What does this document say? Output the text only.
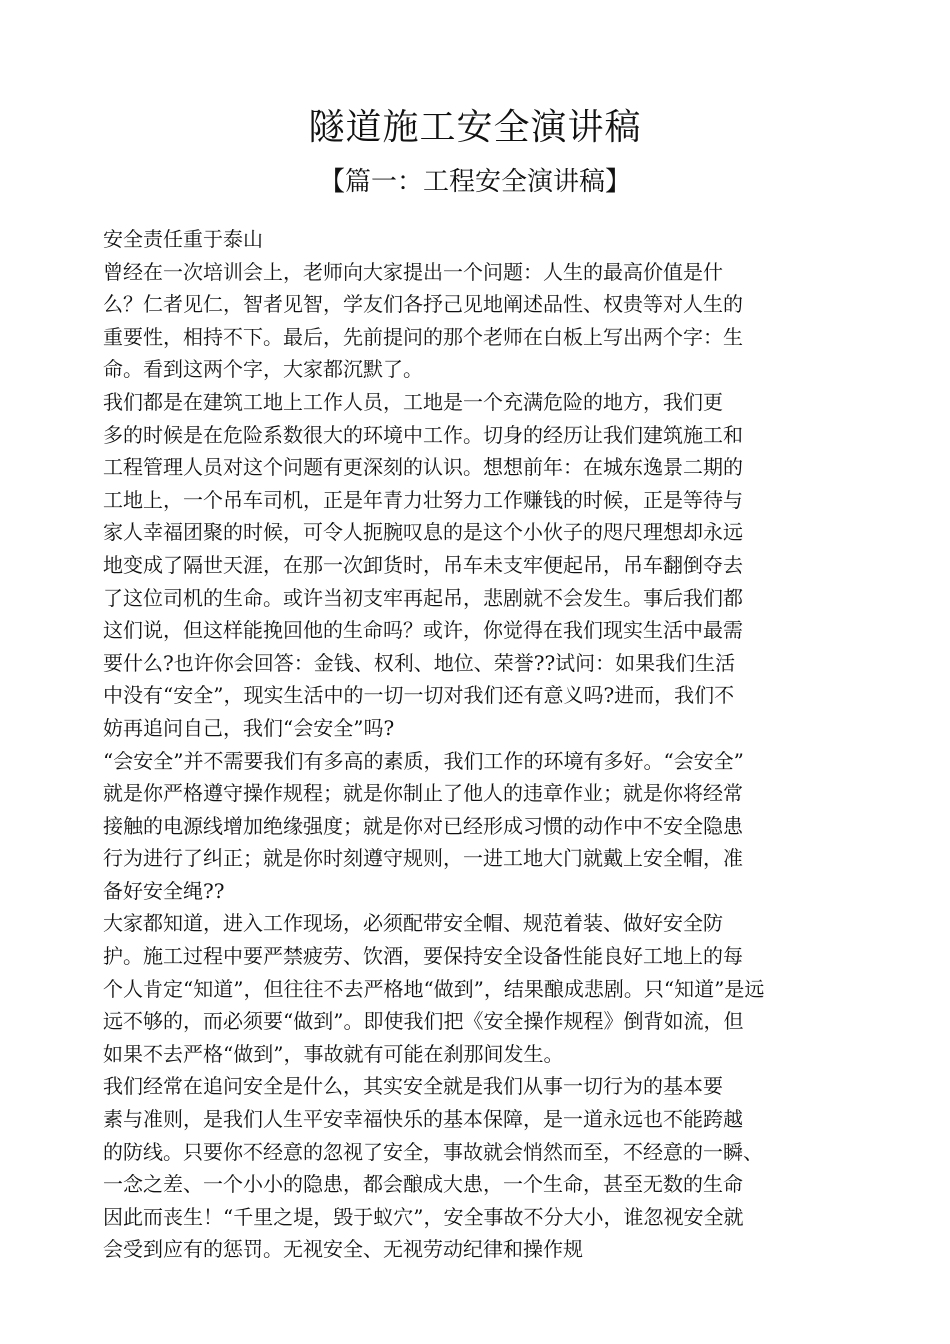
隧道施工安全演讲稿
【篇一：工程安全演讲稿】
安全责任重于泰山
曾经在一次培训会上，老师向大家提出一个问题：人生的最高价值是什
么？仁者见仁，智者见智，学友们各抒己见地阐述品性、权贵等对人生的
重要性，相持不下。最后，先前提问的那个老师在白板上写出两个字：生
命。看到这两个字，大家都沉默了。
我们都是在建筑工地上工作人员，工地是一个充满危险的地方，我们更
多的时候是在危险系数很大的环境中工作。切身的经历让我们建筑施工和
工程管理人员对这个问题有更深刻的认识。想想前年：在城东逸景二期的
工地上，一个吊车司机，正是年青力壮努力工作赚钱的时候，正是等待与
家人幸福团聚的时候，可令人扼腕叹息的是这个小伙子的咫尺理想却永远
地变成了隔世天涯，在那一次卸货时，吊车未支牢便起吊，吊车翻倒夺去
了这位司机的生命。或许当初支牢再起吊，悲剧就不会发生。事后我们都
这们说，但这样能挽回他的生命吗？或许，你觉得在我们现实生活中最需
要什么?也许你会回答：金钱、权利、地位、荣誉??试问：如果我们生活
中没有“安全”，现实生活中的一切一切对我们还有意义吗?进而，我们不
妨再追问自己，我们“会安全”吗?
“会安全”并不需要我们有多高的素质，我们工作的环境有多好。“会安全”
就是你严格遵守操作规程；就是你制止了他人的违章作业；就是你将经常
接触的电源线增加绝缘强度；就是你对已经形成习惯的动作中不安全隐患
行为进行了纠正；就是你时刻遵守规则，一进工地大门就戴上安全帽，准
备好安全绳??
大家都知道，进入工作现场，必须配带安全帽、规范着装、做好安全防
护。施工过程中要严禁疲劳、饮酒，要保持安全设备性能良好工地上的每
个人肯定“知道”，但往往不去严格地“做到”，结果酿成悲剧。只“知道”是远
远不够的，而必须要“做到”。即使我们把《安全操作规程》倒背如流，但
如果不去严格“做到”，事故就有可能在刹那间发生。
我们经常在追问安全是什么，其实安全就是我们从事一切行为的基本要
素与准则，是我们人生平安幸福快乐的基本保障，是一道永远也不能跨越
的防线。只要你不经意的忽视了安全，事故就会悄然而至，不经意的一瞬、
一念之差、一个小小的隐患，都会酿成大患，一个生命，甚至无数的生命
因此而丧生！“千里之堤，毁于蚁穴”，安全事故不分大小，谁忽视安全就
会受到应有的惩罚。无视安全、无视劳动纪律和操作规
